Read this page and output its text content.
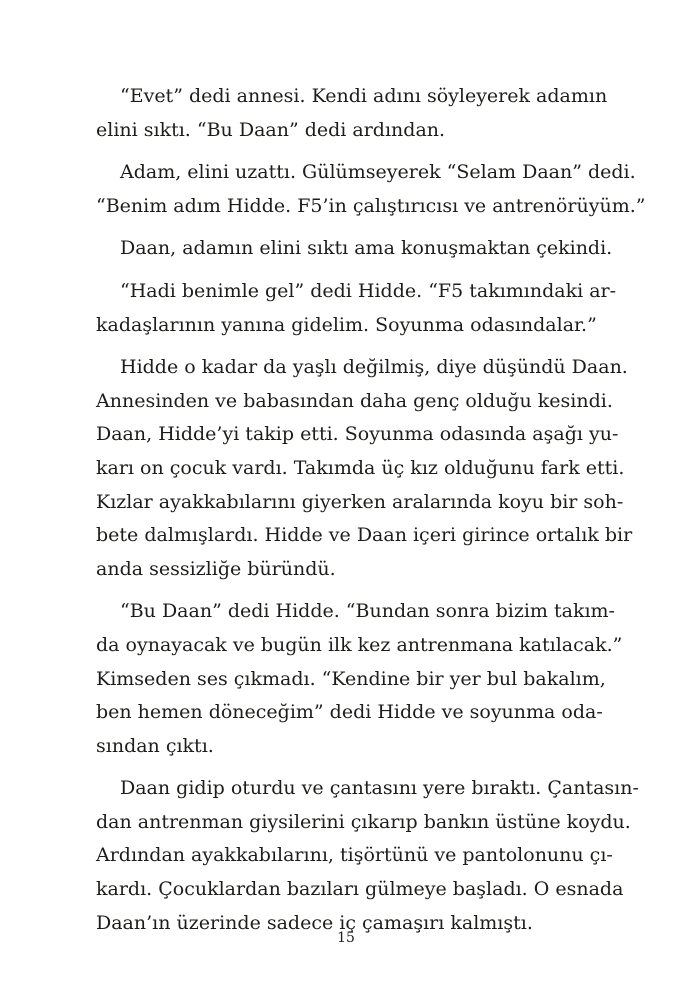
“Evet” dedi annesi. Kendi adını söyleyerek adamın
elini sıktı. “Bu Daan” dedi ardından.

Adam, elini uzattı. Gülümseyerek “Selam Daan” dedi.
“Benim adım Hidde. F5’in çalıştırıcısı ve antrenörüyüm.”

Daan, adamın elini sıktı ama konuşmaktan çekindi.

“Hadi benimle gel” dedi Hidde. “F5 takımındaki ar-
kadaşlarının yanına gidelim. Soyunma odasındalar.”

Hidde o kadar da yaşlı değilmiş, diye düşündü Daan.
Annesinden ve babasından daha genç olduğu kesindi.
Daan, Hidde’yi takip etti. Soyunma odasında aşağı yu-
karı on çocuk vardı. Takımda üç kız olduğunu fark etti.
Kızlar ayakkabılarını giyerken aralarında koyu bir soh-
bete dalmışlardı. Hidde ve Daan içeri girince ortalık bir
anda sessizliğe büründü.

“Bu Daan” dedi Hidde. “Bundan sonra bizim takım-
da oynayacak ve bugün ilk kez antrenmana katılacak.”
Kimseden ses çıkmadı. “Kendine bir yer bul bakalım,
ben hemen döneceğim” dedi Hidde ve soyunma oda-
sından çıktı.

Daan gidip oturdu ve çantasını yere bıraktı. Çantasın-
dan antrenman giysilerini çıkarıp bankın üstüne koydu.
Ardından ayakkabılarını, tişörtünü ve pantolonunu çı-
kardı. Çocuklardan bazıları gülmeye başladı. O esnada
Daan’ın üzerinde sadece iç çamaşırı kalmıştı.

15
